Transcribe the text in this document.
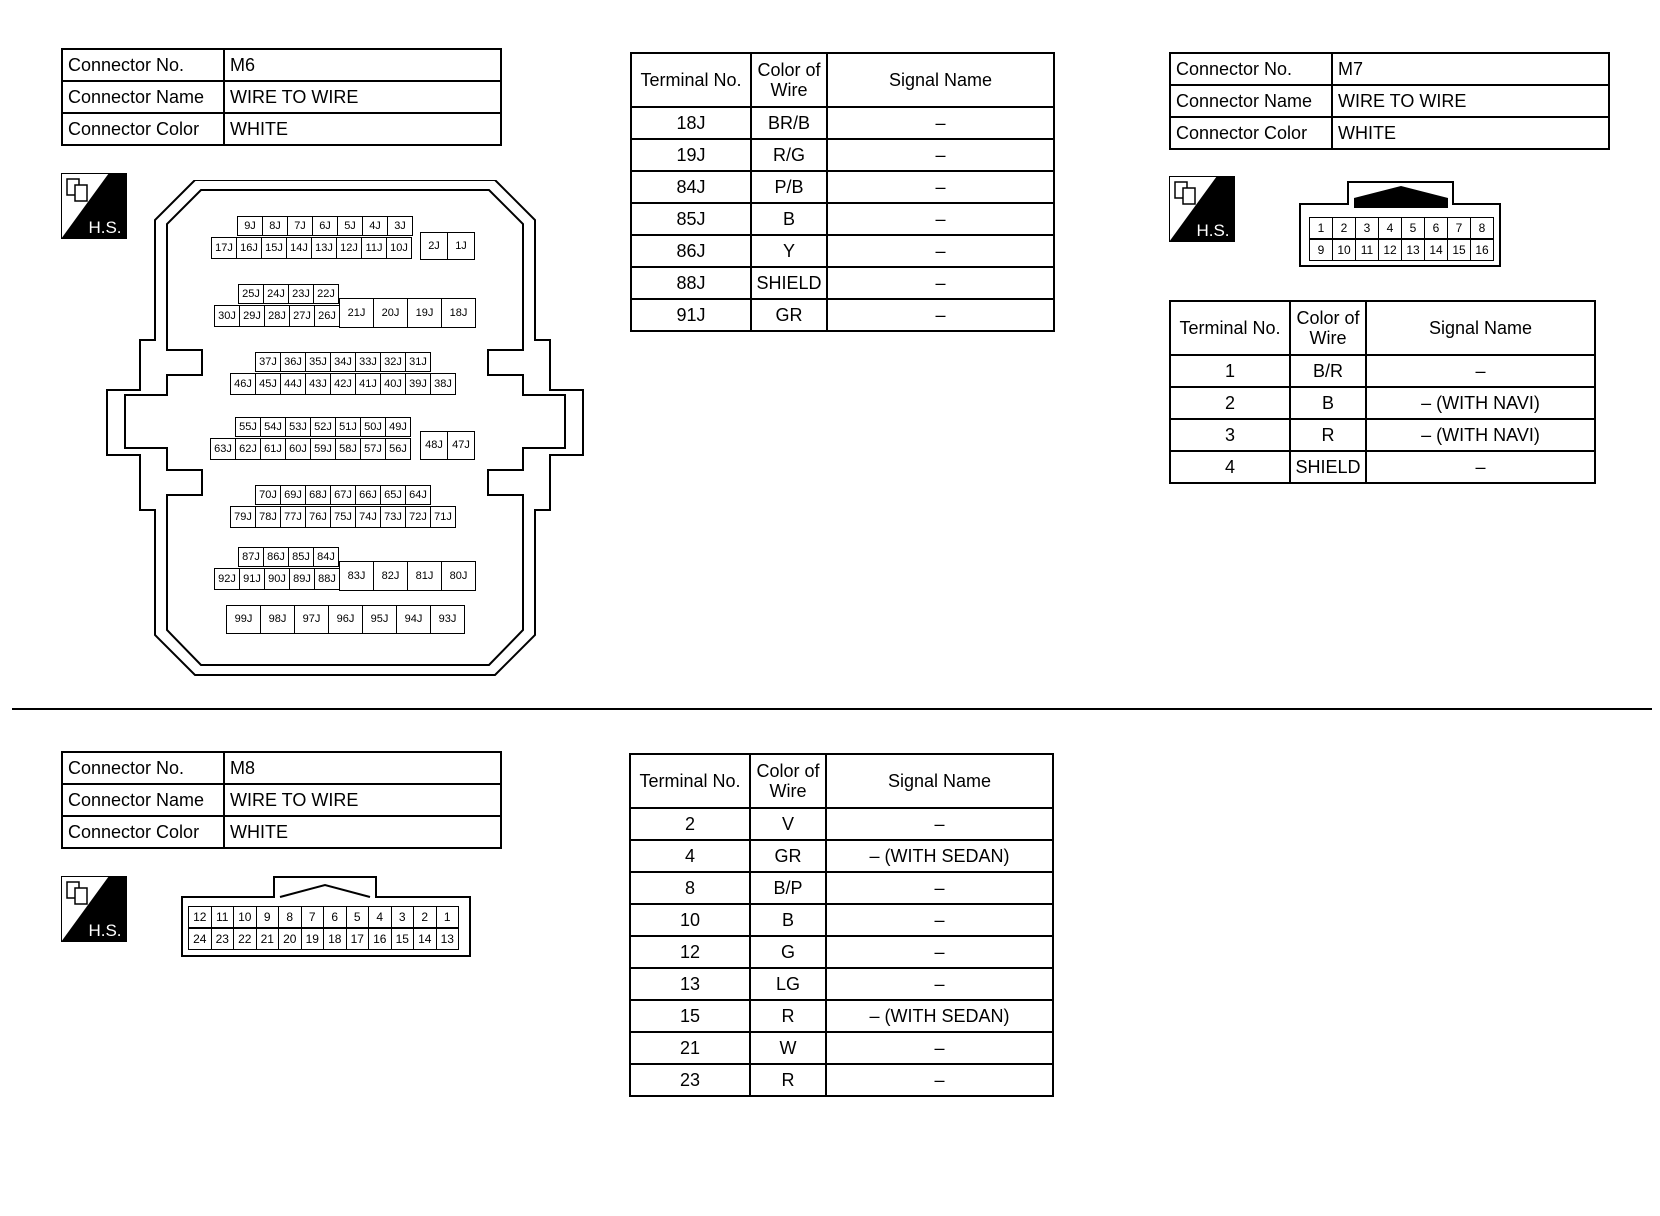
Connector No.	M6
Connector Name	WIRE TO WIRE
Connector Color	WHITE
H.S.	9J	8J	7J	6J	5J	4J	3J
17J 16J 15J 14J 13J 12J 11J 10J	2J	1J
25J 24J 23J 22J
30J 29J 28J 27J 26J	21J	20J	19J	18J
37J 36J 35J 34J 33J 32J 31J
46J 45J 44J 43J 42J 41J 40J 39J 38J
55J 54J 53J 52J 51J 50J 49J
63J 62J 61J 60J 59J 58J 57J 56J	48J 47J
70J 69J 68J 67J 66J 65J 64J
79J 78J 77J 76J 75J 74J 73J 72J 71J
87J 86J 85J 84J
92J 91J 90J 89J 88J	83J	82J	81J	80J
99J	98J	97J	96J	95J	94J	93J
Terminal No.	Color of Wire	Signal Name
18J	BR/B	–
19J	R/G	–
84J	P/B	–
85J	B	–
86J	Y	–
88J	SHIELD	–
91J	GR	–
Connector No.	M7
Connector Name	WIRE TO WIRE
Connector Color	WHITE
H.S.	1	2	3	4	5	6	7	8
9	10 11 12 13 14 15 16
Terminal No.	Color of Wire	Signal Name
1	B/R	–
2	B	– (WITH NAVI)
3	R	– (WITH NAVI)
4	SHIELD	–
Connector No.	M8
Connector Name	WIRE TO WIRE
Connector Color	WHITE
H.S.
12 11 10	9	8	7	6	5	4	3	2	1
24 23 22 21 20 19 18 17 16 15 14 13
Terminal No.	Color of Wire	Signal Name
2	V	–
4	GR	– (WITH SEDAN)
8	B/P	–
10	B	–
12	G	–
13	LG	–
15	R	– (WITH SEDAN)
21	W	–
23	R	–
